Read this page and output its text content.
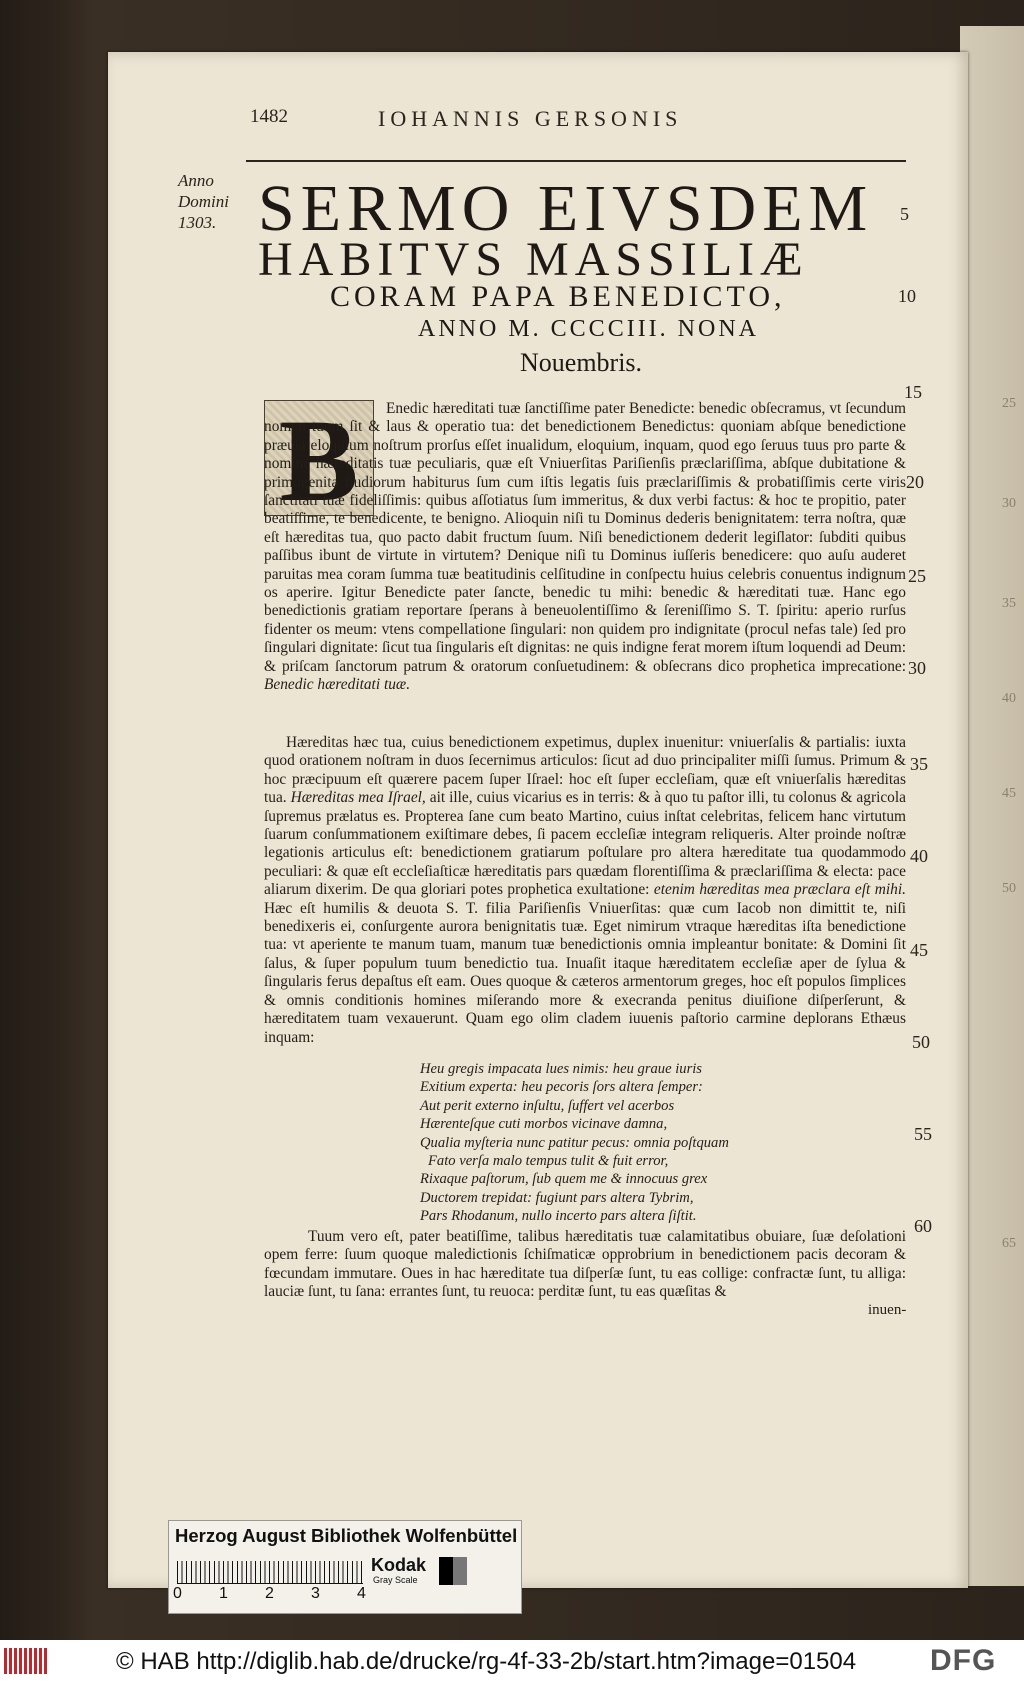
25
30
35
40
45
50
65
1482	IOHANNIS GERSONIS
Anno
Domini
1303. SERMO EIVSDEM
HABITVS MASSILIÆ
CORAM PAPA BENEDICTO,
ANNO M. CCCCIII. NONA
Nouembris.
5
10
15
20
25
30
35
40
45
50
55
60
B	Enedic hæreditati tuæ ſanctiſſime pater Benedicte: benedic obſecramus, vt ſecundum nomen tuum ſit & laus & operatio tua: det benedictionem Benedictus: quoniam abſque benedictione præuia eloquium noſtrum prorſus eſſet inualidum, eloquium, inquam, quod ego ſeruus tuus pro parte & nomine hæreditatis tuæ peculiaris, quæ eſt Vniuerſitas Pariſienſis præclariſſima, abſque dubitatione & primogenita ſtudiorum habiturus ſum cum iſtis legatis ſuis præclariſſimis & probatiſſimis certe viris ſanctitati tuæ fideliſſimis: quibus aſſotiatus ſum immeritus, & dux verbi factus: & hoc te propitio, pater beatiſſime, te benedicente, te benigno. Alioquin niſi tu Dominus dederis benignitatem: terra noſtra, quæ eſt hæreditas tua, quo pacto dabit fructum ſuum. Niſi benedictionem dederit legiſlator: ſubditi quibus paſſibus ibunt de virtute in virtutem? Denique niſi tu Dominus iuſſeris benedicere: quo auſu auderet paruitas mea coram ſumma tuæ beatitudinis celſitudine in conſpectu huius celebris conuentus indignum os aperire. Igitur Benedicte pater ſancte, benedic tu mihi: benedic & hæreditati tuæ. Hanc ego benedictionis gratiam reportare ſperans à beneuolentiſſimo & ſereniſſimo S. T. ſpiritu: aperio rurſus fidenter os meum: vtens compellatione ſingulari: non quidem pro indignitate (procul nefas tale) ſed pro ſingulari dignitate: ſicut tua ſingularis eſt dignitas: ne quis indigne ferat morem iſtum loquendi ad Deum: & priſcam ſanctorum patrum & oratorum conſuetudinem: & obſecrans dico prophetica imprecatione: Benedic hæreditati tuæ.
Hæreditas hæc tua, cuius benedictionem expetimus, duplex inuenitur: vniuerſalis & partialis: iuxta quod orationem noſtram in duos ſecernimus articulos: ſicut ad duo principaliter miſſi ſumus. Primum & hoc præcipuum eſt quærere pacem ſuper Iſrael: hoc eſt ſuper eccleſiam, quæ eſt vniuerſalis hæreditas tua. Hæreditas mea Iſrael, ait ille, cuius vicarius es in terris: & à quo tu paſtor illi, tu colonus & agricola ſupremus prælatus es. Propterea ſane cum beato Martino, cuius inſtat celebritas, felicem hanc virtutum ſuarum conſummationem exiſtimare debes, ſi pacem eccleſiæ integram reliqueris. Alter proinde noſtræ legationis articulus eſt: benedictionem gratiarum poſtulare pro altera hæreditate tua quodammodo peculiari: & quæ eſt eccleſiaſticæ hæreditatis pars quædam florentiſſima & præclariſſima & electa: pace aliarum dixerim. De qua gloriari potes prophetica exultatione: etenim hæreditas mea præclara eſt mihi. Hæc eſt humilis & deuota S. T. filia Pariſienſis Vniuerſitas: quæ cum Iacob non dimittit te, niſi benedixeris ei, conſurgente aurora benignitatis tuæ. Eget nimirum vtraque hæreditas iſta benedictione tua: vt aperiente te manum tuam, manum tuæ benedictionis omnia impleantur bonitate: & Domini ſit ſalus, & ſuper populum tuum benedictio tua. Inuaſit itaque hæreditatem eccleſiæ aper de ſylua & ſingularis ferus depaſtus eſt eam. Oues quoque & cæteros armentorum greges, hoc eſt populos ſimplices & omnis conditionis homines miſerando more & execranda penitus diuiſione diſperſerunt, & hæreditatem tuam vexauerunt. Quam ego olim cladem iuuenis paſtorio carmine deplorans Ethæus inquam:
Heu gregis impacata lues nimis: heu graue iuris
Exitium experta: heu pecoris ſors altera ſemper:
Aut perit externo inſultu, ſuffert vel acerbos
Hærenteſque cuti morbos vicinave damna,
Qualia myſteria nunc patitur pecus: omnia poſtquam
Fato verſa malo tempus tulit & fuit error,
Rixaque paſtorum, ſub quem me & innocuus grex
Ductorem trepidat: fugiunt pars altera Tybrim,
Pars Rhodanum, nullo incerto pars altera ſiſtit.
Tuum vero eſt, pater beatiſſime, talibus hæreditatis tuæ calamitatibus obuiare, ſuæ deſolationi opem ferre: ſuum quoque maledictionis ſchiſmaticæ opprobrium in benedictionem pacis decoram & fœcundam immutare. Oues in hac hæreditate tua diſperſæ ſunt, tu eas collige: confractæ ſunt, tu alliga: lauciæ ſunt, tu ſana: errantes ſunt, tu reuoca: perditæ ſunt, tu eas quæſitas &
inuen-
Herzog August Bibliothek Wolfenbüttel
0 1 2 3 4
Kodak
Gray Scale
© HAB http://diglib.hab.de/drucke/rg-4f-33-2b/start.htm?image=01504 DFG
